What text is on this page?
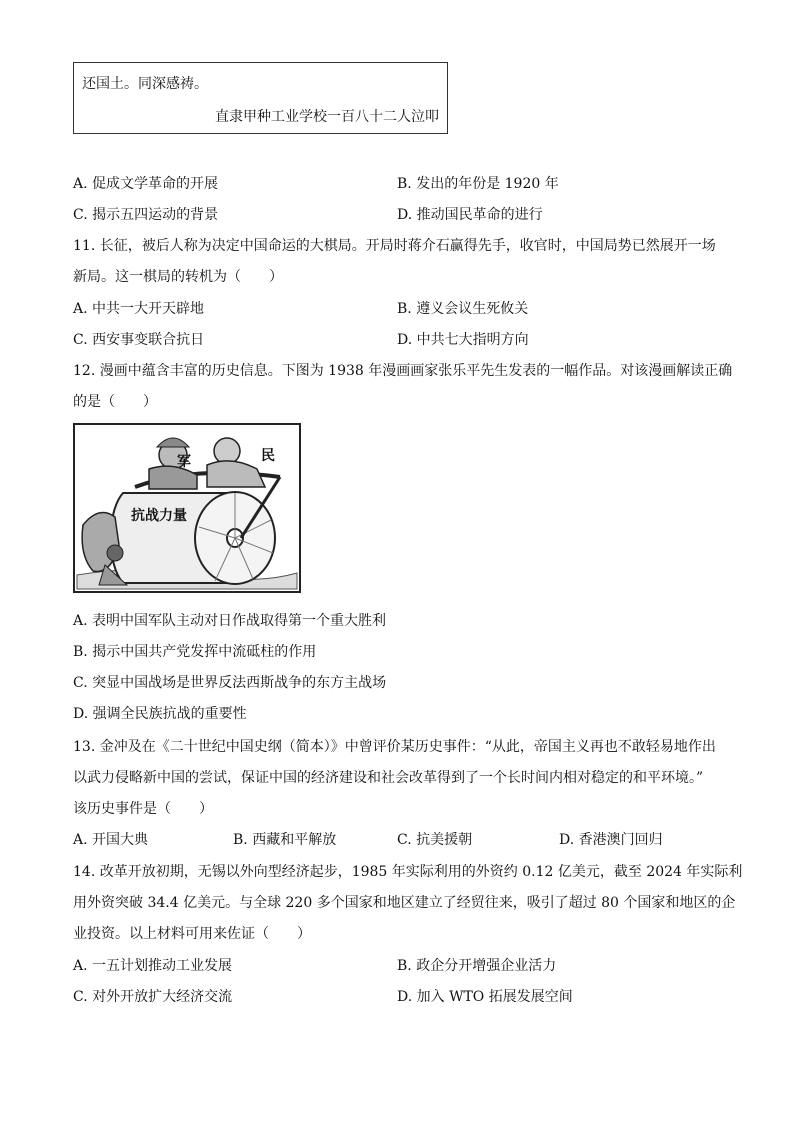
还国土。同深感祷。
直隶甲种工业学校一百八十二人泣叩
A. 促成文学革命的开展	B. 发出的年份是 1920 年
C. 揭示五四运动的背景	D. 推动国民革命的进行
11. 长征，被后人称为决定中国命运的大棋局。开局时蒋介石赢得先手，收官时，中国局势已然展开一场
新局。这一棋局的转机为（　　）
A. 中共一大开天辟地	B. 遵义会议生死攸关
C. 西安事变联合抗日	D. 中共七大指明方向
12. 漫画中蕴含丰富的历史信息。下图为 1938 年漫画画家张乐平先生发表的一幅作品。对该漫画解读正确
的是（　　）
军	民
抗战力量
A. 表明中国军队主动对日作战取得第一个重大胜利
B. 揭示中国共产党发挥中流砥柱的作用
C. 突显中国战场是世界反法西斯战争的东方主战场
D. 强调全民族抗战的重要性
13. 金冲及在《二十世纪中国史纲（简本）》中曾评价某历史事件：“从此，帝国主义再也不敢轻易地作出
以武力侵略新中国的尝试，保证中国的经济建设和社会改革得到了一个长时间内相对稳定的和平环境。”
该历史事件是（　　）
A. 开国大典	B. 西藏和平解放	C. 抗美援朝	D. 香港澳门回归
14. 改革开放初期，无锡以外向型经济起步，1985 年实际利用的外资约 0.12 亿美元，截至 2024 年实际利
用外资突破 34.4 亿美元。与全球 220 多个国家和地区建立了经贸往来，吸引了超过 80 个国家和地区的企
业投资。以上材料可用来佐证（　　）
A. 一五计划推动工业发展	B. 政企分开增强企业活力
C. 对外开放扩大经济交流	D. 加入 WTO 拓展发展空间
